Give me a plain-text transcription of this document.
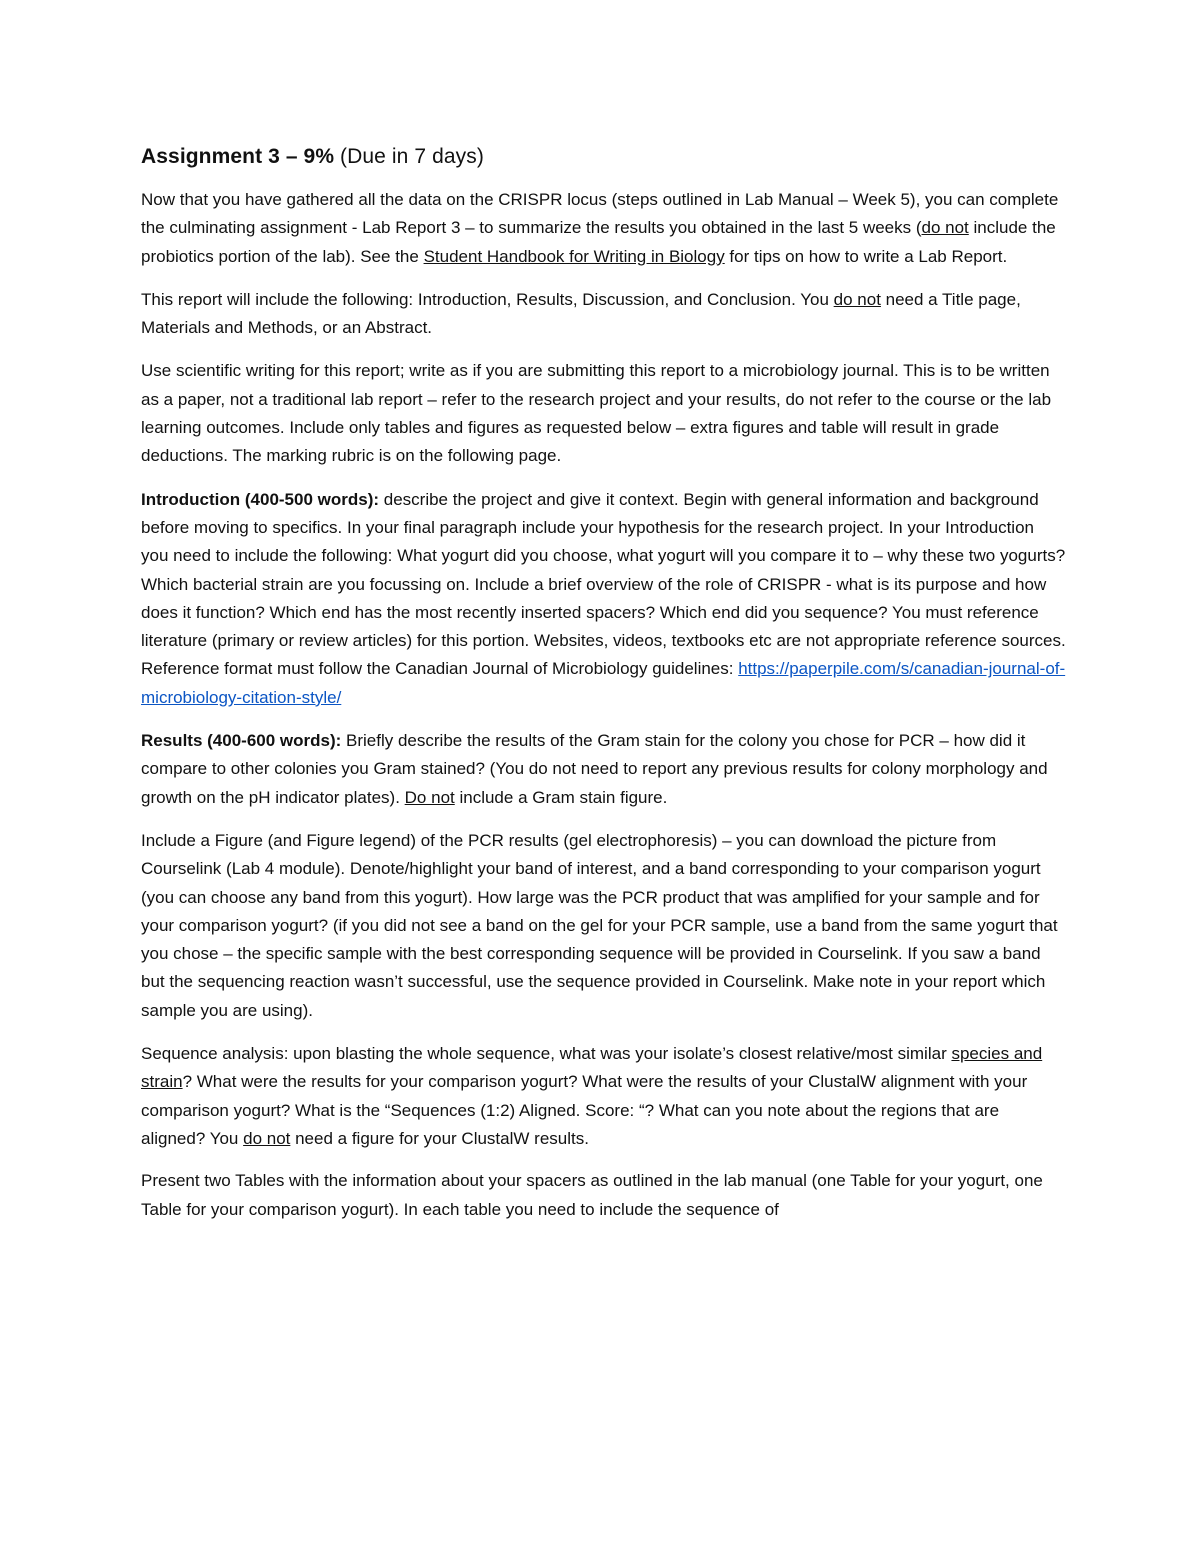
Assignment 3 – 9% (Due in 7 days)

Now that you have gathered all the data on the CRISPR locus (steps outlined in Lab Manual – Week 5), you can complete the culminating assignment - Lab Report 3 – to summarize the results you obtained in the last 5 weeks (do not include the probiotics portion of the lab). See the Student Handbook for Writing in Biology for tips on how to write a Lab Report.

This report will include the following: Introduction, Results, Discussion, and Conclusion. You do not need a Title page, Materials and Methods, or an Abstract.

Use scientific writing for this report; write as if you are submitting this report to a microbiology journal. This is to be written as a paper, not a traditional lab report – refer to the research project and your results, do not refer to the course or the lab learning outcomes. Include only tables and figures as requested below – extra figures and table will result in grade deductions. The marking rubric is on the following page.

Introduction (400-500 words): describe the project and give it context. Begin with general information and background before moving to specifics. In your final paragraph include your hypothesis for the research project. In your Introduction you need to include the following: What yogurt did you choose, what yogurt will you compare it to – why these two yogurts? Which bacterial strain are you focussing on. Include a brief overview of the role of CRISPR - what is its purpose and how does it function? Which end has the most recently inserted spacers? Which end did you sequence? You must reference literature (primary or review articles) for this portion. Websites, videos, textbooks etc are not appropriate reference sources. Reference format must follow the Canadian Journal of Microbiology guidelines: https://paperpile.com/s/canadian-journal-of-microbiology-citation-style/

Results (400-600 words): Briefly describe the results of the Gram stain for the colony you chose for PCR – how did it compare to other colonies you Gram stained? (You do not need to report any previous results for colony morphology and growth on the pH indicator plates). Do not include a Gram stain figure.

Include a Figure (and Figure legend) of the PCR results (gel electrophoresis) – you can download the picture from Courselink (Lab 4 module). Denote/highlight your band of interest, and a band corresponding to your comparison yogurt (you can choose any band from this yogurt). How large was the PCR product that was amplified for your sample and for your comparison yogurt? (if you did not see a band on the gel for your PCR sample, use a band from the same yogurt that you chose – the specific sample with the best corresponding sequence will be provided in Courselink. If you saw a band but the sequencing reaction wasn’t successful, use the sequence provided in Courselink. Make note in your report which sample you are using).

Sequence analysis: upon blasting the whole sequence, what was your isolate’s closest relative/most similar species and strain? What were the results for your comparison yogurt? What were the results of your ClustalW alignment with your comparison yogurt? What is the “Sequences (1:2) Aligned. Score: “? What can you note about the regions that are aligned? You do not need a figure for your ClustalW results.

Present two Tables with the information about your spacers as outlined in the lab manual (one Table for your yogurt, one Table for your comparison yogurt). In each table you need to include the sequence of
